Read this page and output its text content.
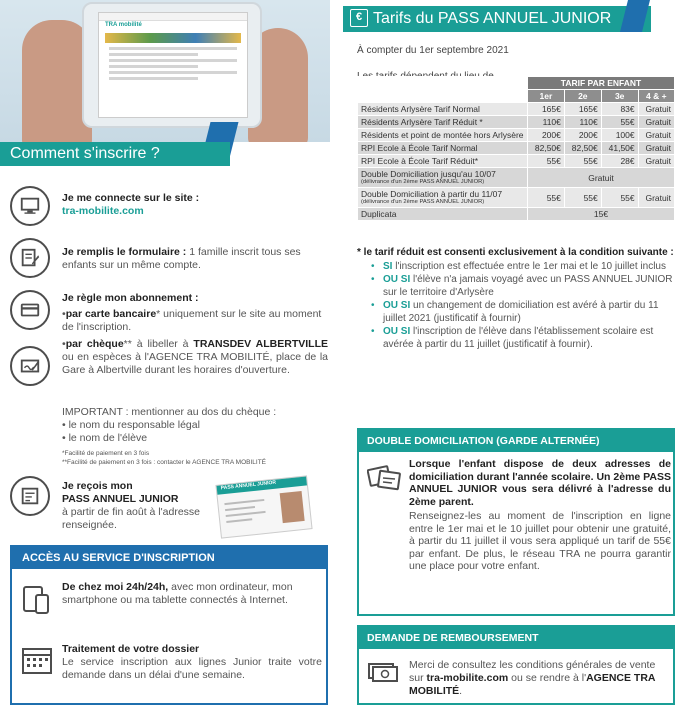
TRA mobilité
Comment s'inscrire ?
Je me connecte sur le site :
tra-mobilite.com
Je remplis le formulaire : 1 famille inscrit tous ses enfants sur un même compte.
Je règle mon abonnement :
•par carte bancaire* uniquement sur le site au moment de l'inscription.
•par chèque** à libeller à TRANSDEV ALBERTVILLE ou en espèces à l'AGENCE TRA MOBILITÉ, place de la Gare à Albertville durant les horaires d'ouverture.
IMPORTANT : mentionner au dos du chèque :
• le nom du responsable légal
• le nom de l'élève
*Facilité de paiement en 3 fois
**Facilité de paiement en 3 fois : contacter le AGENCE TRA MOBILITÉ
Je reçois mon
PASS ANNUEL JUNIOR
à partir de fin août à l'adresse renseignée.
PASS ANNUEL JUNIOR
ACCÈS AU SERVICE D'INSCRIPTION
De chez moi 24h/24h, avec mon ordinateur, mon smartphone ou ma tablette connectés à Internet.
Traitement de votre dossier

Le service inscription aux lignes Junior traite votre demande dans un délai d'une semaine.
Tarifs du PASS ANNUEL JUNIOR
€
À compter du 1er septembre 2021
	TARIF PAR ENFANT			
	1er	2e	3e	4 & +
Résidents Arlysère Tarif Normal	165€	165€	83€	Gratuit
Résidents Arlysère Tarif Réduit *	110€	110€	55€	Gratuit
Résidents et point de montée hors Arlysère	200€	200€	100€	Gratuit
RPI Ecole à École Tarif Normal	82,50€	82,50€	41,50€	Gratuit
RPI Ecole à École Tarif Réduit*	55€	55€	28€	Gratuit
Double Domiciliation jusqu'au 10/07
(délivrance d'un 2ème PASS ANNUEL JUNIOR)	Gratuit			
Double Domiciliation à partir du 11/07
(délivrance d'un 2ème PASS ANNUEL JUNIOR)	55€	55€	55€	Gratuit
Duplicata	15€			
* le tarif réduit est consenti exclusivement à la condition suivante :
• SI l'inscription est effectuée entre le 1er mai et le 10 juillet inclus
• OU SI l'élève n'a jamais voyagé avec un PASS ANNUEL JUNIOR sur le territoire d'Arlysère
• OU SI un changement de domiciliation est avéré à partir du 11 juillet 2021 (justificatif à fournir)
• OU SI l'inscription de l'élève dans l'établissement scolaire est avérée à partir du 11 juillet (justificatif à fournir).
DOUBLE DOMICILIATION (GARDE ALTERNÉE)
Lorsque l'enfant dispose de deux adresses de domiciliation durant l'année scolaire. Un 2ème PASS ANNUEL JUNIOR vous sera délivré à l'adresse du 2ème parent.
Renseignez-les au moment de l'inscription en ligne entre le 1er mai et le 10 juillet pour obtenir une gratuité, à partir du 11 juillet il vous sera appliqué un tarif de 55€ par enfant. De plus, le réseau TRA ne pourra garantir une place pour votre enfant.
DEMANDE DE REMBOURSEMENT
Merci de consultez les conditions générales de vente sur tra-mobilite.com ou se rendre à l'AGENCE TRA MOBILITÉ.
